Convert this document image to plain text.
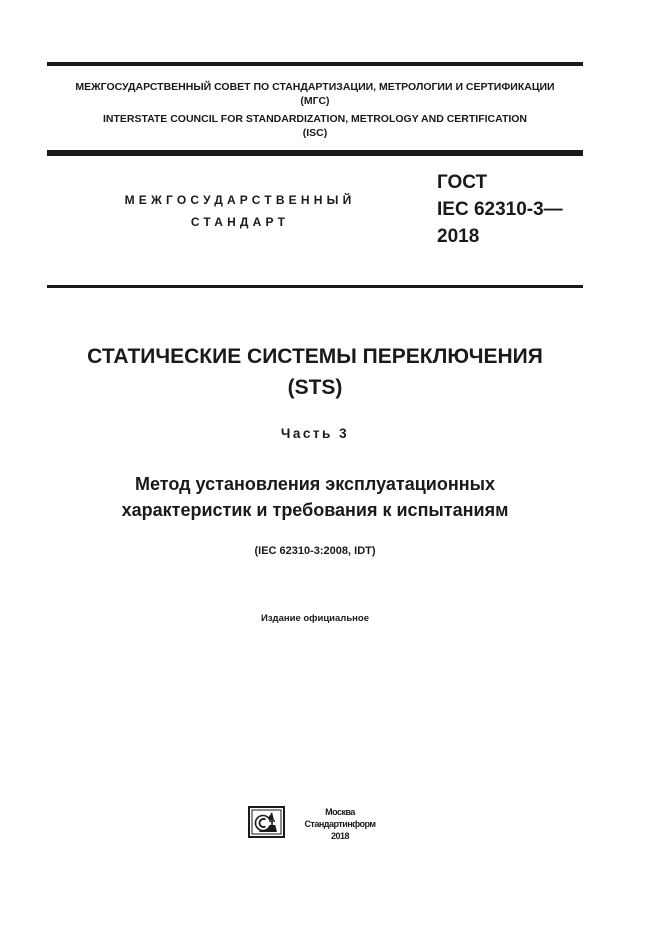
МЕЖГОСУДАРСТВЕННЫЙ СОВЕТ ПО СТАНДАРТИЗАЦИИ, МЕТРОЛОГИИ И СЕРТИФИКАЦИИ
(МГС)
INTERSTATE COUNCIL FOR STANDARDIZATION, METROLOGY AND CERTIFICATION
(ISC)
МЕЖГОСУДАРСТВЕННЫЙ
СТАНДАРТ
ГОСТ
IEC 62310-3—
2018
СТАТИЧЕСКИЕ СИСТЕМЫ ПЕРЕКЛЮЧЕНИЯ
(STS)
Часть 3
Метод установления эксплуатационных
характеристик и требования к испытаниям
(IEC 62310-3:2008, IDT)
Издание официальное
Москва
Стандартинформ
2018
